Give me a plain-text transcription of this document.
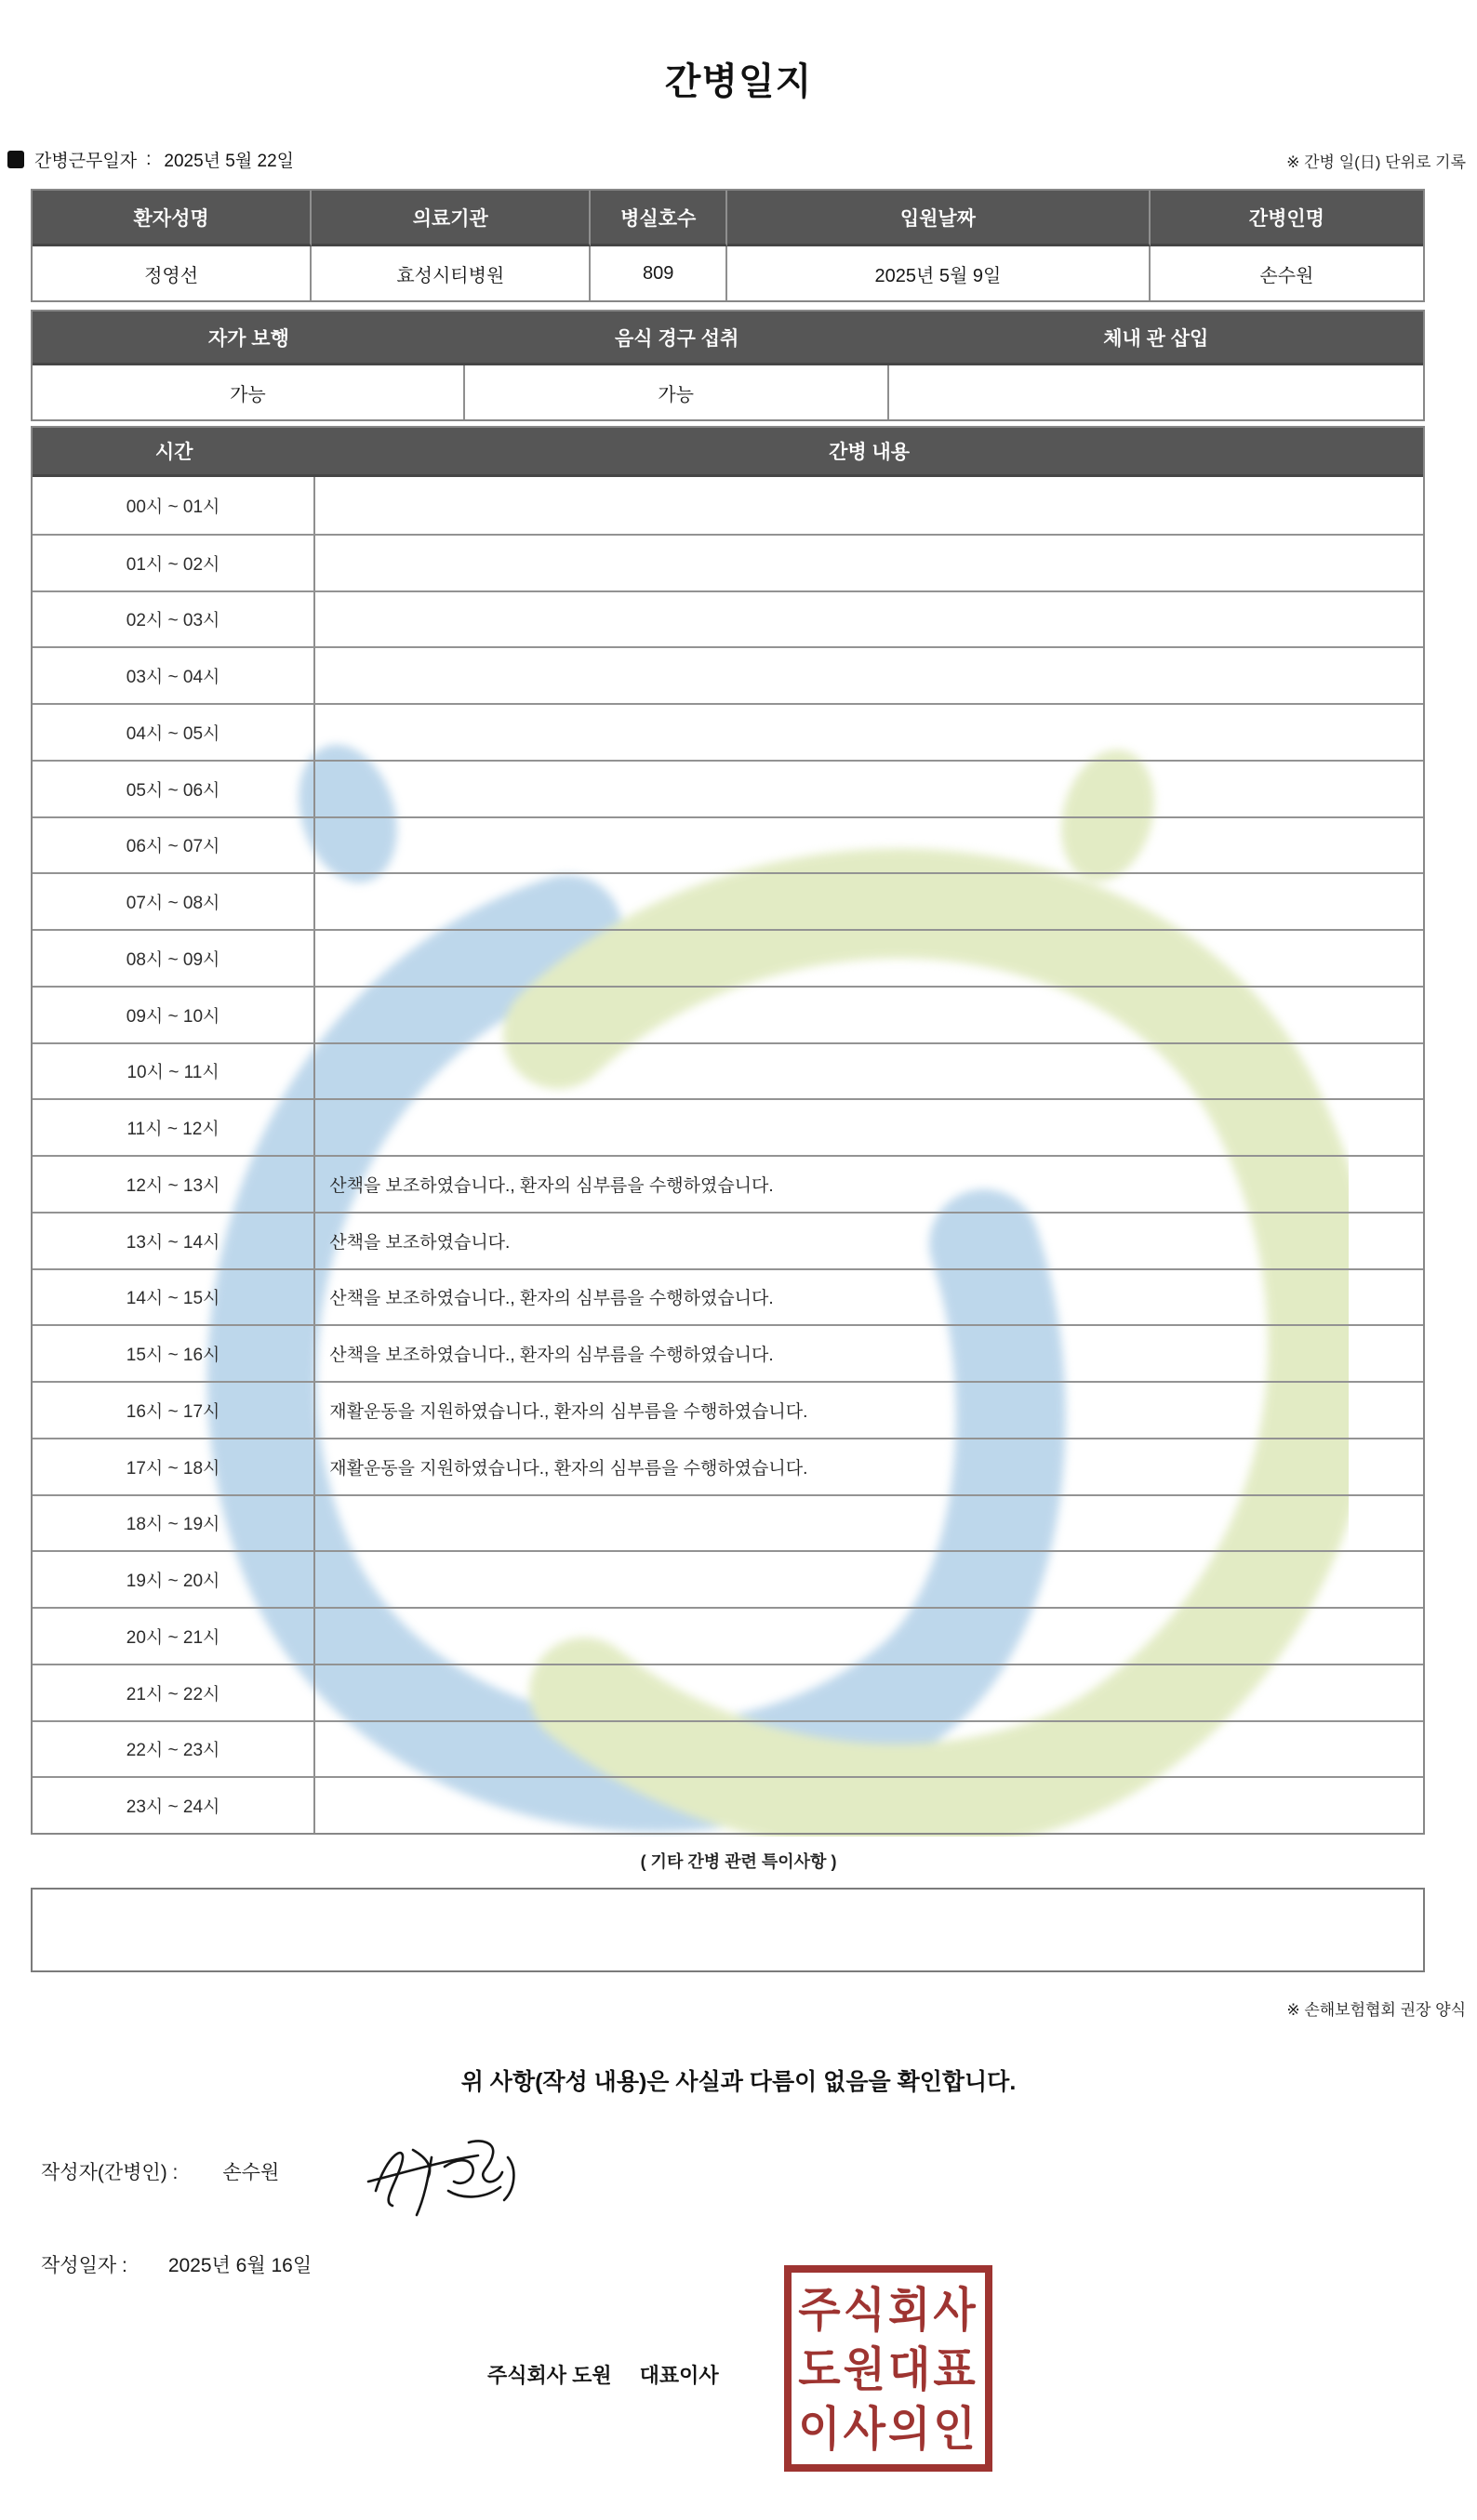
간병일지
간병근무일자 : 2025년 5월 22일	※ 간병 일(日) 단위로 기록
환자성명	의료기관	병실호수	입원날짜	간병인명
정영선	효성시티병원	809	2025년 5월 9일	손수원
자가 보행	음식 경구 섭취	체내 관 삽입
가능	가능
시간	간병 내용
00시 ~ 01시
01시 ~ 02시
02시 ~ 03시
03시 ~ 04시
04시 ~ 05시
05시 ~ 06시
06시 ~ 07시
07시 ~ 08시
08시 ~ 09시
09시 ~ 10시
10시 ~ 11시
11시 ~ 12시
12시 ~ 13시	산책을 보조하였습니다., 환자의 심부름을 수행하였습니다.
13시 ~ 14시	산책을 보조하였습니다.
14시 ~ 15시	산책을 보조하였습니다., 환자의 심부름을 수행하였습니다.
15시 ~ 16시	산책을 보조하였습니다., 환자의 심부름을 수행하였습니다.
16시 ~ 17시	재활운동을 지원하였습니다., 환자의 심부름을 수행하였습니다.
17시 ~ 18시	재활운동을 지원하였습니다., 환자의 심부름을 수행하였습니다.
18시 ~ 19시
19시 ~ 20시
20시 ~ 21시
21시 ~ 22시
22시 ~ 23시
23시 ~ 24시
( 기타 간병 관련 특이사항 )
※ 손해보험협회 권장 양식
위 사항(작성 내용)은 사실과 다름이 없음을 확인합니다.
작성자(간병인) : 손수원
작성일자 : 2025년 6월 16일
주식회사 도원 대표이사
주식회사
도원대표
이사의인
